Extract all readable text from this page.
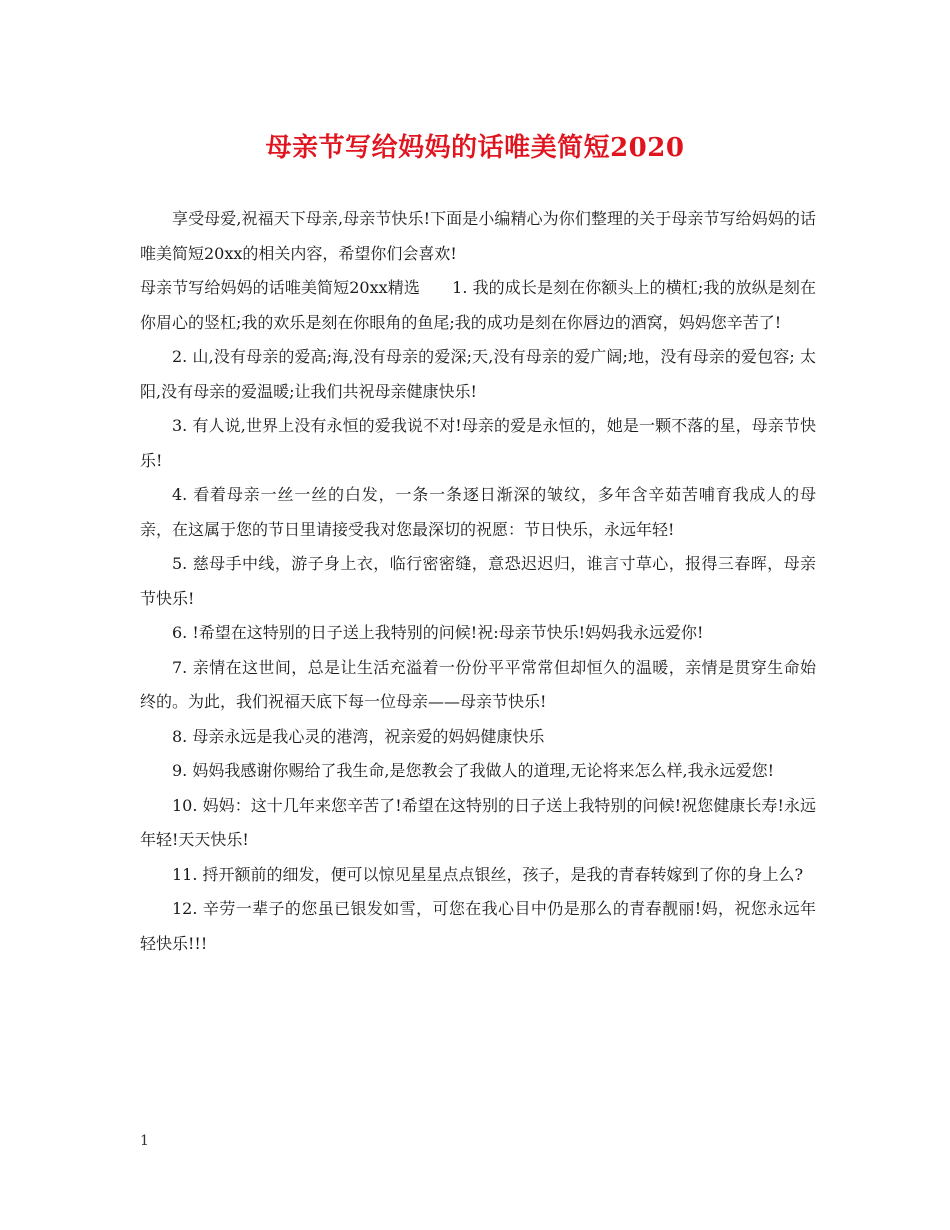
母亲节写给妈妈的话唯美简短2020

享受母爱,祝福天下母亲,母亲节快乐!下面是小编精心为你们整理的关于母亲节写给妈妈的话唯美简短20xx的相关内容，希望你们会喜欢!

母亲节写给妈妈的话唯美简短20xx精选　　1. 我的成长是刻在你额头上的横杠;我的放纵是刻在你眉心的竖杠;我的欢乐是刻在你眼角的鱼尾;我的成功是刻在你唇边的酒窝，妈妈您辛苦了!

2. 山,没有母亲的爱高;海,没有母亲的爱深;天,没有母亲的爱广阔;地，没有母亲的爱包容; 太阳,没有母亲的爱温暖;让我们共祝母亲健康快乐!

3. 有人说,世界上没有永恒的爱我说不对!母亲的爱是永恒的，她是一颗不落的星，母亲节快乐!

4. 看着母亲一丝一丝的白发，一条一条逐日渐深的皱纹，多年含辛茹苦哺育我成人的母亲，在这属于您的节日里请接受我对您最深切的祝愿：节日快乐，永远年轻!

5. 慈母手中线，游子身上衣，临行密密缝，意恐迟迟归，谁言寸草心，报得三春晖，母亲节快乐!

6. !希望在这特别的日子送上我特别的问候!祝:母亲节快乐!妈妈我永远爱你!

7. 亲情在这世间，总是让生活充溢着一份份平平常常但却恒久的温暖，亲情是贯穿生命始终的。为此，我们祝福天底下每一位母亲——母亲节快乐!

8. 母亲永远是我心灵的港湾，祝亲爱的妈妈健康快乐

9. 妈妈我感谢你赐给了我生命,是您教会了我做人的道理,无论将来怎么样,我永远爱您!

10. 妈妈：这十几年来您辛苦了!希望在这特别的日子送上我特别的问候!祝您健康长寿!永远年轻!天天快乐!

11. 捋开额前的细发，便可以惊见星星点点银丝，孩子，是我的青春转嫁到了你的身上么?

12. 辛劳一辈子的您虽已银发如雪，可您在我心目中仍是那么的青春靓丽!妈，祝您永远年轻快乐!!!

1
